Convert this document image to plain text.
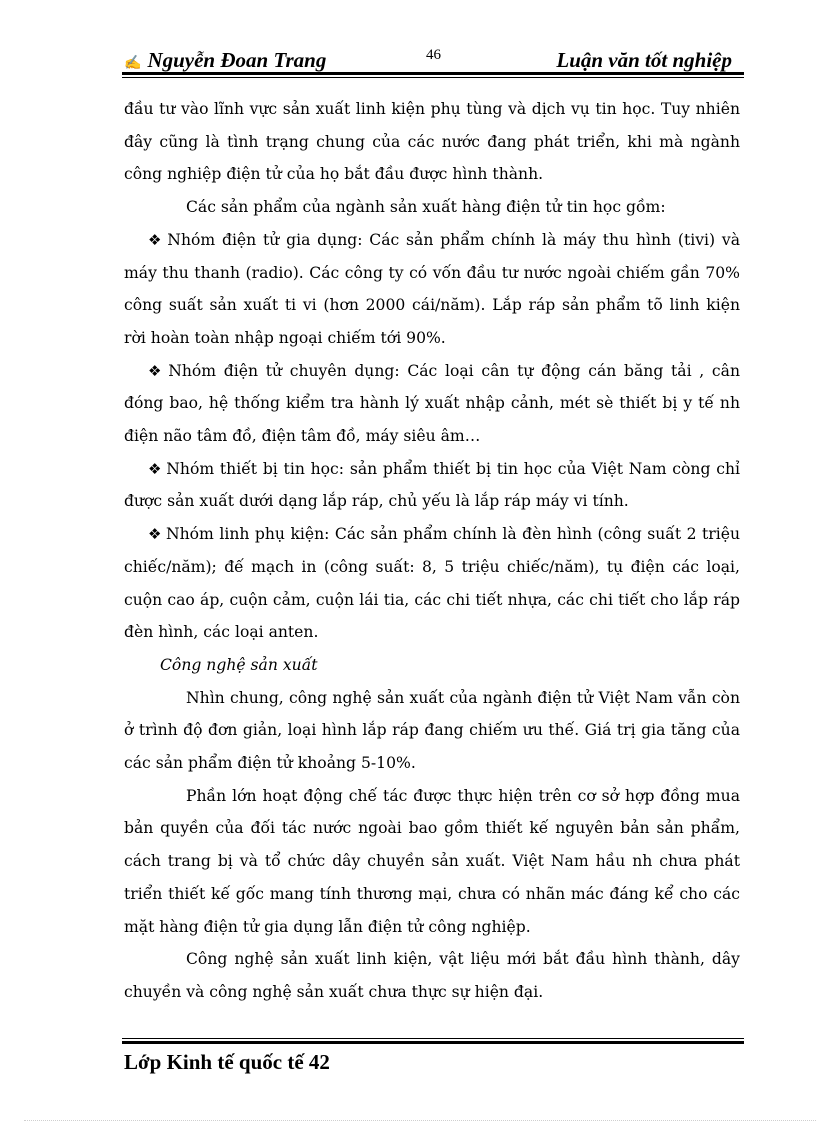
✍ Nguyễn Đoan Trang	46	Luận văn tốt nghiệp

đầu tư vào lĩnh vực sản xuất linh kiện phụ tùng và dịch vụ tin học. Tuy nhiên đây cũng là tình trạng chung của các nước đang phát triển, khi mà ngành công nghiệp điện tử của họ bắt đầu được hình thành.

Các sản phẩm của ngành sản xuất hàng điện tử tin học gồm:

❖ Nhóm điện tử gia dụng: Các sản phẩm chính là máy thu hình (tivi) và máy thu thanh (radio). Các công ty có vốn đầu tư nước ngoài chiếm gần 70% công suất sản xuất ti vi (hơn 2000 cái/năm). Lắp ráp sản phẩm tõ linh kiện rời hoàn toàn nhập ngoại chiếm tới 90%.

❖ Nhóm điện tử chuyên dụng: Các loại cân tự động cán băng tải , cân đóng bao, hệ thống kiểm tra hành lý xuất nhập cảnh, mét sè thiết bị y tế nh điện não tâm đồ, điện tâm đồ, máy siêu âm…

❖ Nhóm thiết bị tin học: sản phẩm thiết bị tin học của Việt Nam còng chỉ được sản xuất dưới dạng lắp ráp, chủ yếu là lắp ráp máy vi tính.

❖ Nhóm linh phụ kiện: Các sản phẩm chính là đèn hình (công suất 2 triệu chiếc/năm); đế mạch in (công suất: 8, 5 triệu chiếc/năm), tụ điện các loại, cuộn cao áp, cuộn cảm, cuộn lái tia, các chi tiết nhựa, các chi tiết cho lắp ráp đèn hình, các loại anten.

Công nghệ sản xuất

Nhìn chung, công nghệ sản xuất của ngành điện tử Việt Nam vẫn còn ở trình độ đơn giản, loại hình lắp ráp đang chiếm ưu thế. Giá trị gia tăng của các sản phẩm điện tử khoảng 5-10%.

Phần lớn hoạt động chế tác được thực hiện trên cơ sở hợp đồng mua bản quyền của đối tác nước ngoài bao gồm thiết kế nguyên bản sản phẩm, cách trang bị và tổ chức dây chuyền sản xuất. Việt Nam hầu nh chưa phát triển thiết kế gốc mang tính thương mại, chưa có nhãn mác đáng kể cho các mặt hàng điện tử gia dụng lẫn điện tử công nghiệp.

Công nghệ sản xuất linh kiện, vật liệu mới bắt đầu hình thành, dây chuyền và công nghệ sản xuất chưa thực sự hiện đại.

Lớp Kinh tế quốc tế 42
